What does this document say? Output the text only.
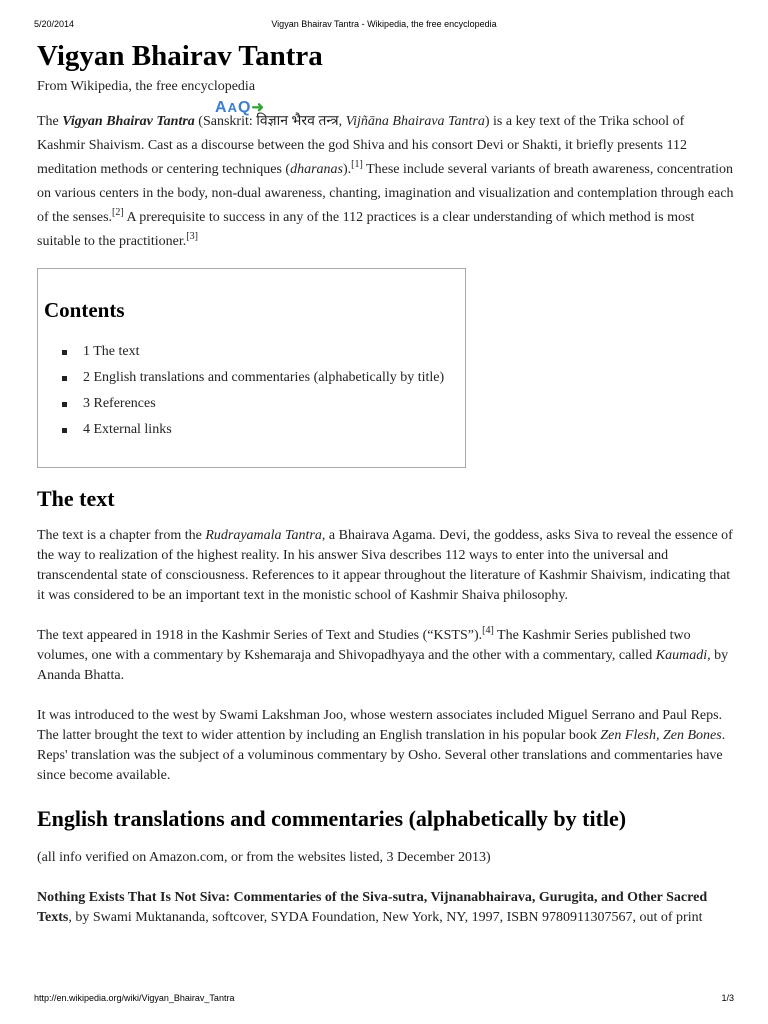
5/20/2014	Vigyan Bhairav Tantra - Wikipedia, the free encyclopedia
Vigyan Bhairav Tantra
From Wikipedia, the free encyclopedia
AAQ➜

The Vigyan Bhairav Tantra (Sanskrit: विज्ञान भैरव तन्त्र, Vijñāna Bhairava Tantra) is a key text of the Trika school of Kashmir Shaivism. Cast as a discourse between the god Shiva and his consort Devi or Shakti, it briefly presents 112 meditation methods or centering techniques (dharanas).[1] These include several variants of breath awareness, concentration on various centers in the body, non-dual awareness, chanting, imagination and visualization and contemplation through each of the senses.[2] A prerequisite to success in any of the 112 practices is a clear understanding of which method is most suitable to the practitioner.[3]

Contents
1 The text
2 English translations and commentaries (alphabetically by title)
3 References
4 External links
The text

The text is a chapter from the Rudrayamala Tantra, a Bhairava Agama. Devi, the goddess, asks Siva to reveal the essence of the way to realization of the highest reality. In his answer Siva describes 112 ways to enter into the universal and transcendental state of consciousness. References to it appear throughout the literature of Kashmir Shaivism, indicating that it was considered to be an important text in the monistic school of Kashmir Shaiva philosophy.

The text appeared in 1918 in the Kashmir Series of Text and Studies (“KSTS”).[4] The Kashmir Series published two volumes, one with a commentary by Kshemaraja and Shivopadhyaya and the other with a commentary, called Kaumadi, by Ananda Bhatta.

It was introduced to the west by Swami Lakshman Joo, whose western associates included Miguel Serrano and Paul Reps. The latter brought the text to wider attention by including an English translation in his popular book Zen Flesh, Zen Bones. Reps' translation was the subject of a voluminous commentary by Osho. Several other translations and commentaries have since become available.

English translations and commentaries (alphabetically by title)

(all info verified on Amazon.com, or from the websites listed, 3 December 2013)

Nothing Exists That Is Not Siva: Commentaries of the Siva-sutra, Vijnanabhairava, Gurugita, and Other Sacred Texts, by Swami Muktananda, softcover, SYDA Foundation, New York, NY, 1997, ISBN 9780911307567, out of print

http://en.wikipedia.org/wiki/Vigyan_Bhairav_Tantra	1/3
